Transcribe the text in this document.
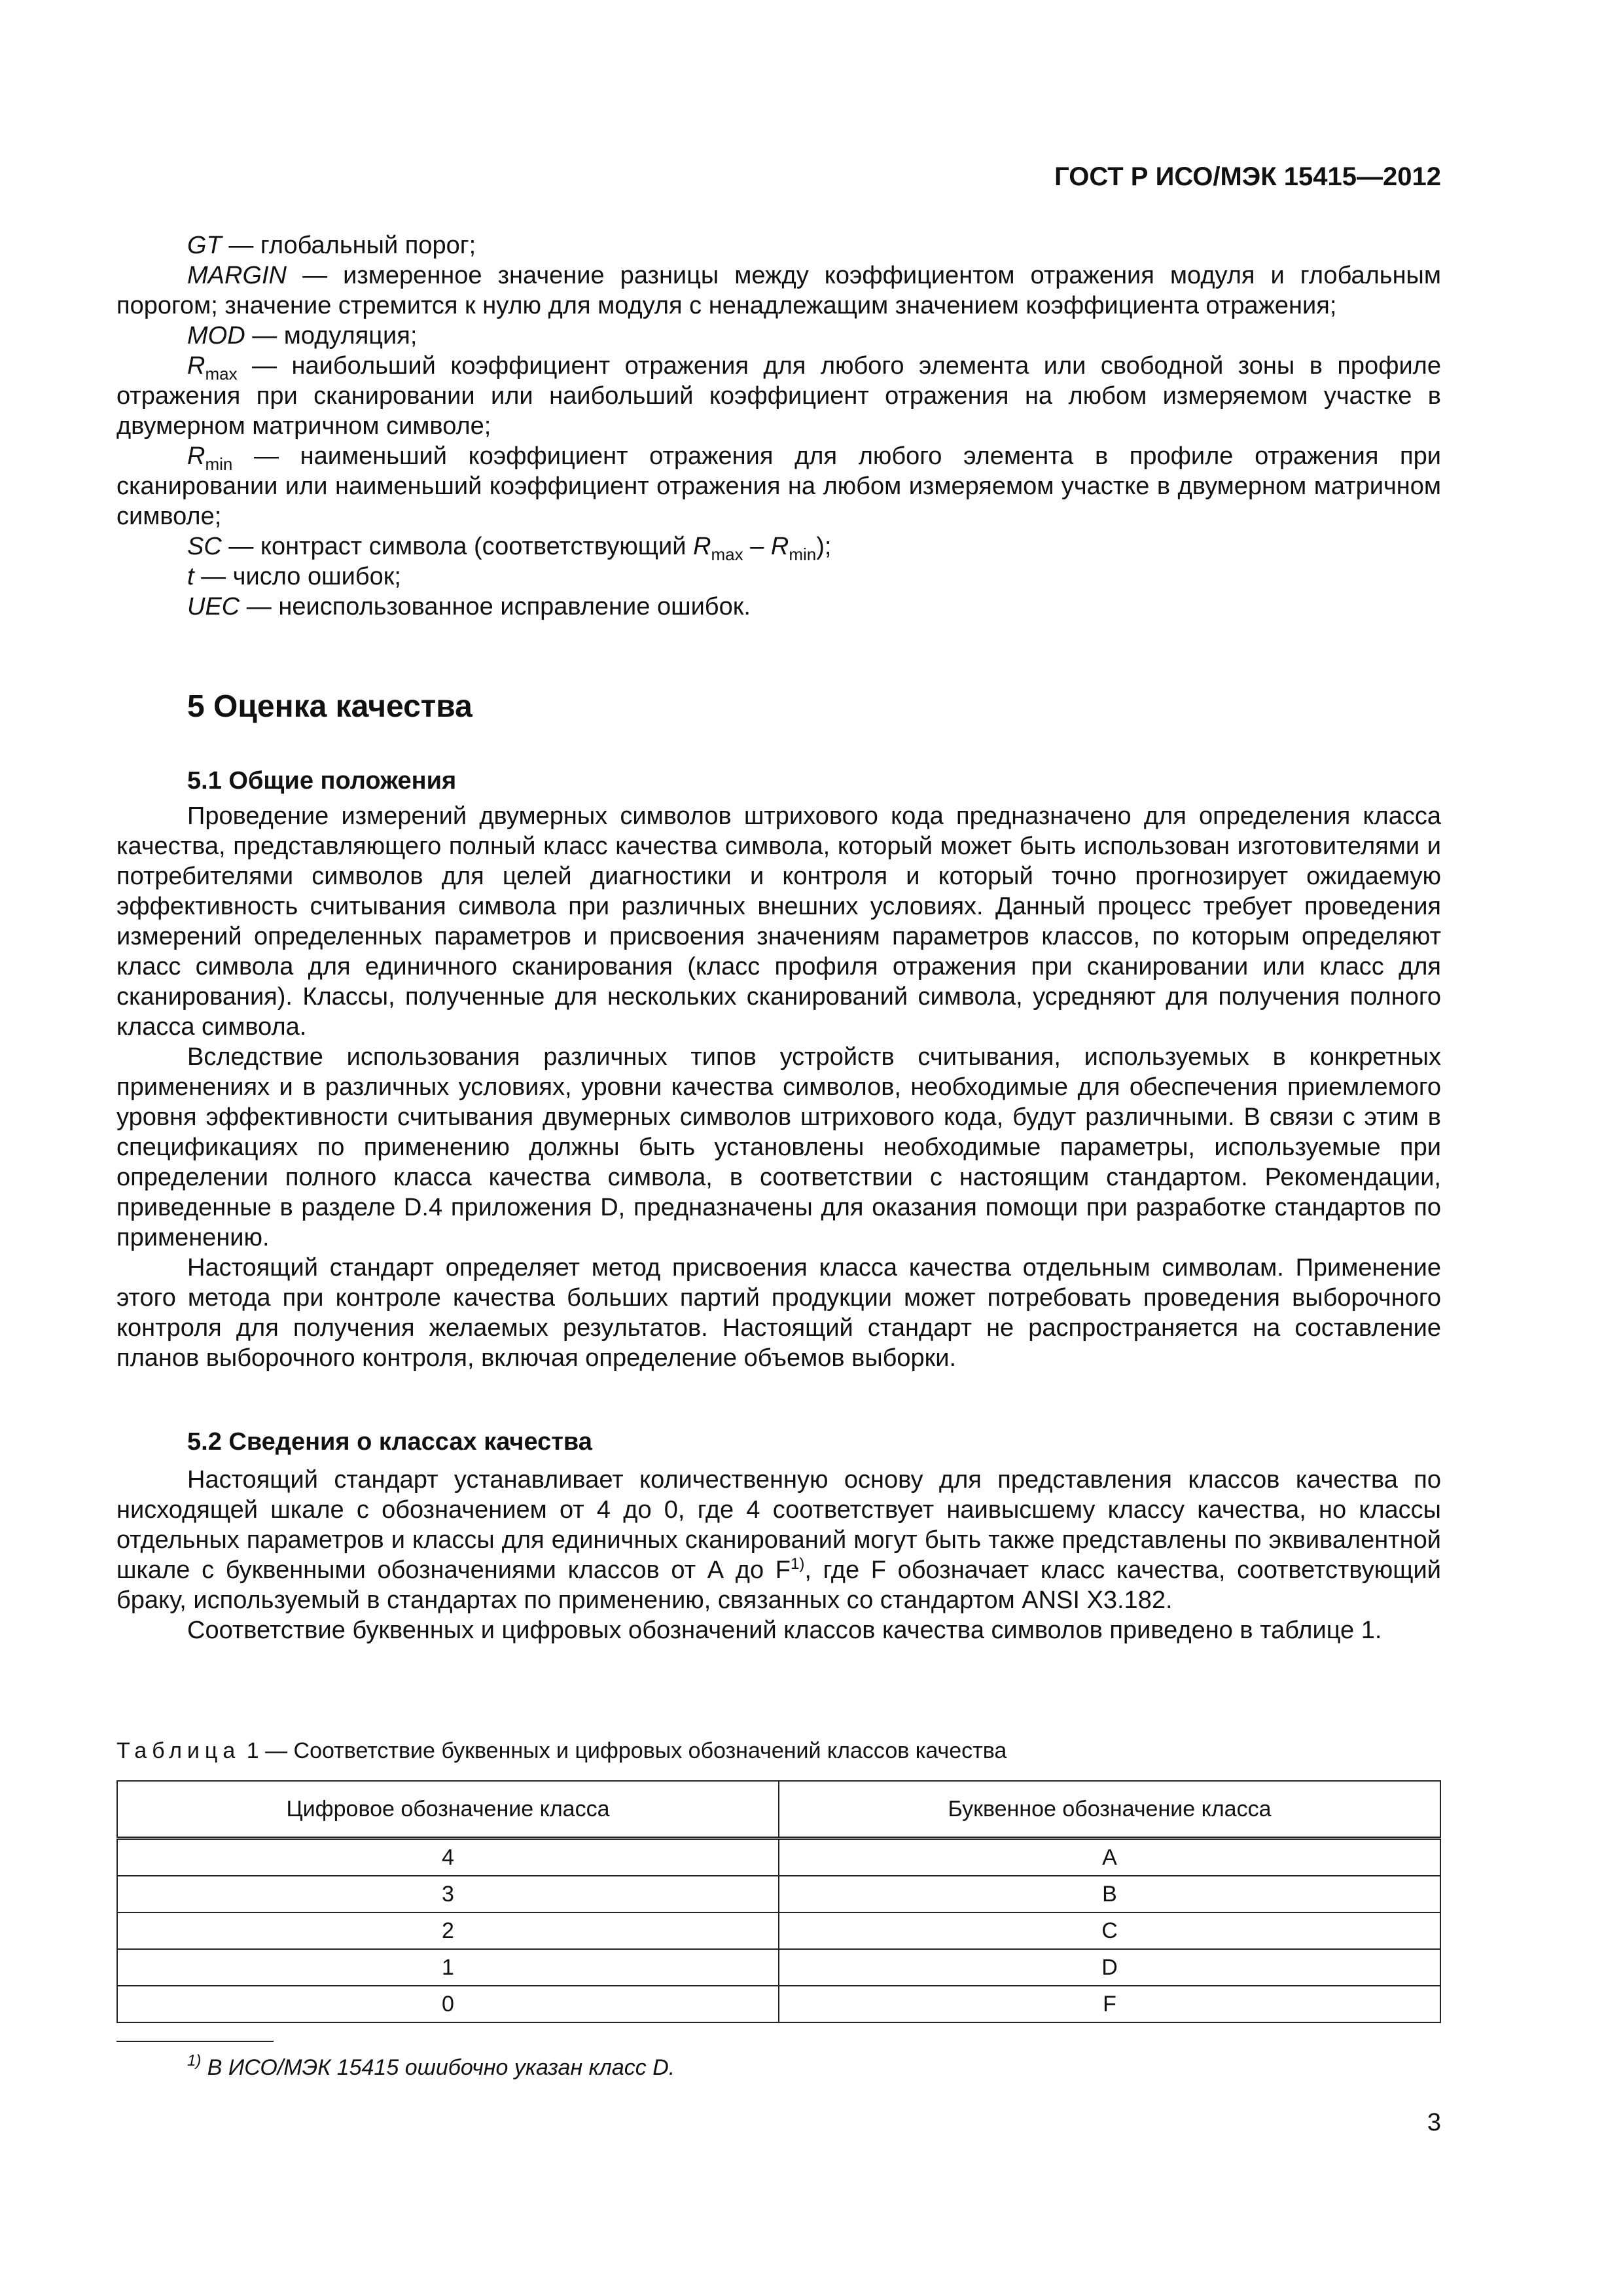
ГОСТ Р ИСО/МЭК 15415—2012

GT — глобальный порог;

MARGIN — измеренное значение разницы между коэффициентом отражения модуля и глобальным порогом; значение стремится к нулю для модуля с ненадлежащим значением коэффициента отражения;

MOD — модуляция;

$R_{max}$ — наибольший коэффициент отражения для любого элемента или свободной зоны в профиле отражения при сканировании или наибольший коэффициент отражения на любом измеряемом участке в двумерном матричном символе;

$R_{min}$ — наименьший коэффициент отражения для любого элемента в профиле отражения при сканировании или наименьший коэффициент отражения на любом измеряемом участке в двумерном матричном символе;

SC — контраст символа (соответствующий $R_{max} - R_{min}$);

t — число ошибок;

UEC — неиспользованное исправление ошибок.

5 Оценка качества
5.1 Общие положения

Проведение измерений двумерных символов штрихового кода предназначено для определения класса качества, представляющего полный класс качества символа, который может быть использован изготовителями и потребителями символов для целей диагностики и контроля и который точно прогнозирует ожидаемую эффективность считывания символа при различных внешних условиях. Данный процесс требует проведения измерений определенных параметров и присвоения значениям параметров классов, по которым определяют класс символа для единичного сканирования (класс профиля отражения при сканировании или класс для сканирования). Классы, полученные для нескольких сканирований символа, усредняют для получения полного класса символа.

Вследствие использования различных типов устройств считывания, используемых в конкретных применениях и в различных условиях, уровни качества символов, необходимые для обеспечения приемлемого уровня эффективности считывания двумерных символов штрихового кода, будут различными. В связи с этим в спецификациях по применению должны быть установлены необходимые параметры, используемые при определении полного класса качества символа, в соответствии с настоящим стандартом. Рекомендации, приведенные в разделе D.4 приложения D, предназначены для оказания помощи при разработке стандартов по применению.

Настоящий стандарт определяет метод присвоения класса качества отдельным символам. Применение этого метода при контроле качества больших партий продукции может потребовать проведения выборочного контроля для получения желаемых результатов. Настоящий стандарт не распространяется на составление планов выборочного контроля, включая определение объемов выборки.

5.2 Сведения о классах качества

Настоящий стандарт устанавливает количественную основу для представления классов качества по нисходящей шкале с обозначением от 4 до 0, где 4 соответствует наивысшему классу качества, но классы отдельных параметров и классы для единичных сканирований могут быть также представлены по эквивалентной шкале с буквенными обозначениями классов от А до $F^{1)}$, где F обозначает класс качества, соответствующий браку, используемый в стандартах по применению, связанных со стандартом ANSI X3.182.

Соответствие буквенных и цифровых обозначений классов качества символов приведено в таблице 1.

Таблица 1 — Соответствие буквенных и цифровых обозначений классов качества
Цифровое обозначение класса	Буквенное обозначение класса
4	A
3	B
2	C
1	D
0	F
$^{1)}$ В ИСО/МЭК 15415 ошибочно указан класс D.
3
